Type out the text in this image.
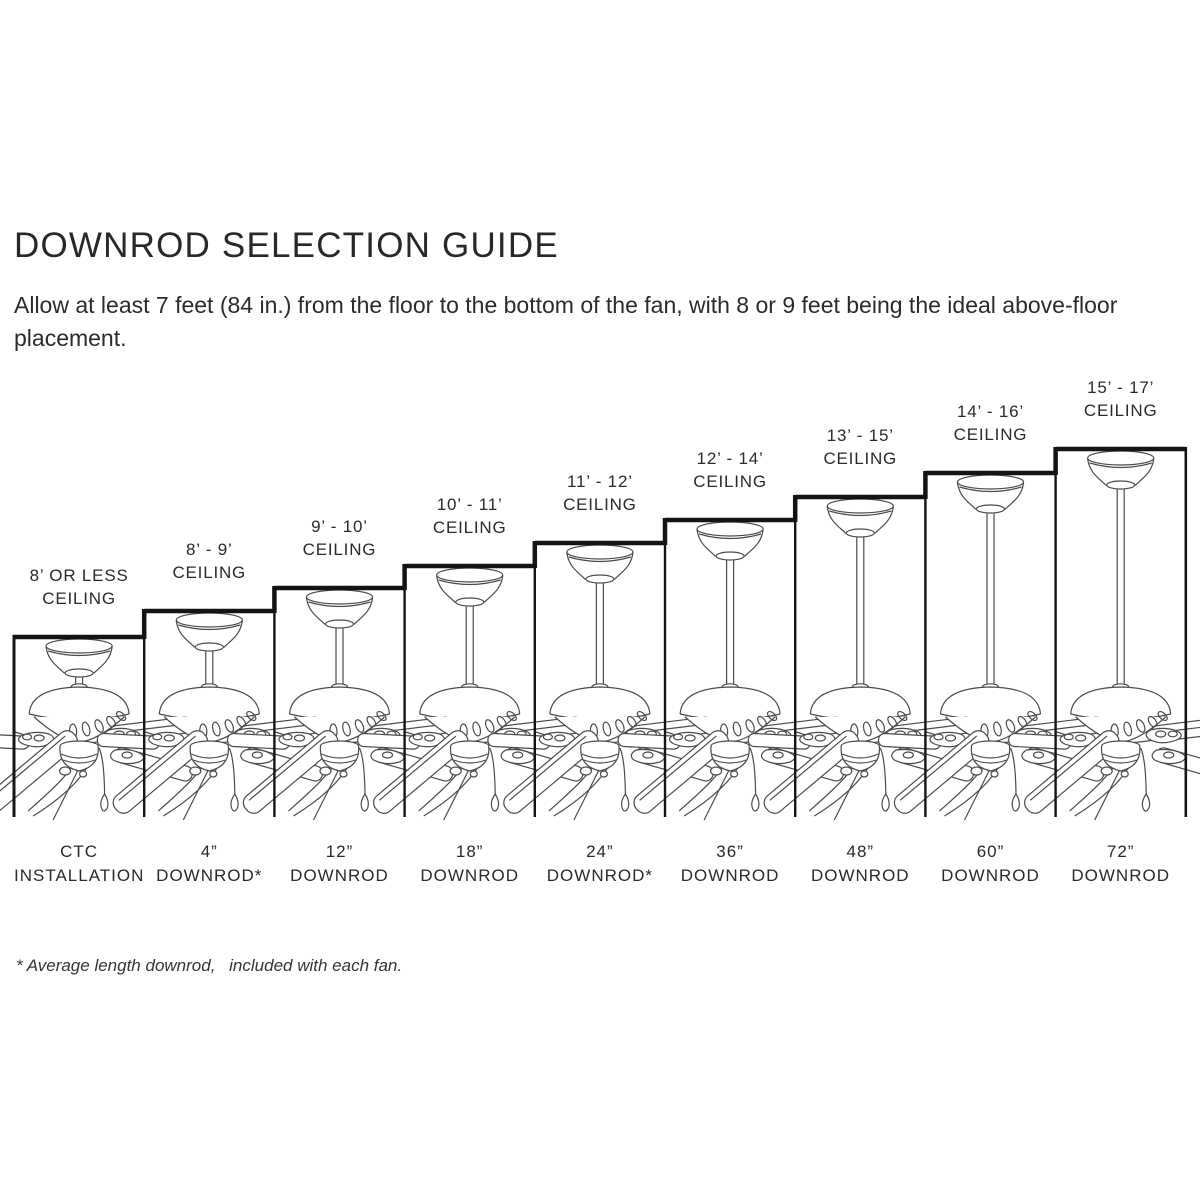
DOWNROD SELECTION GUIDE

Allow at least 7 feet (84 in.) from the floor to the bottom of the fan, with 8 or 9 feet being the ideal above-floor placement.

8’ OR LESS
CEILING
CTC
INSTALLATION
8’ - 9’
CEILING
4”
DOWNROD*
9’ - 10’
CEILING
12”
DOWNROD
10’ - 11’
CEILING
18”
DOWNROD
11’ - 12’
CEILING
24”
DOWNROD*
12’ - 14’
CEILING
36”
DOWNROD
13’ - 15’
CEILING
48”
DOWNROD
14’ - 16’
CEILING
60”
DOWNROD
15’ - 17’
CEILING
72”
DOWNROD
* Average length downrod, included with each fan.
